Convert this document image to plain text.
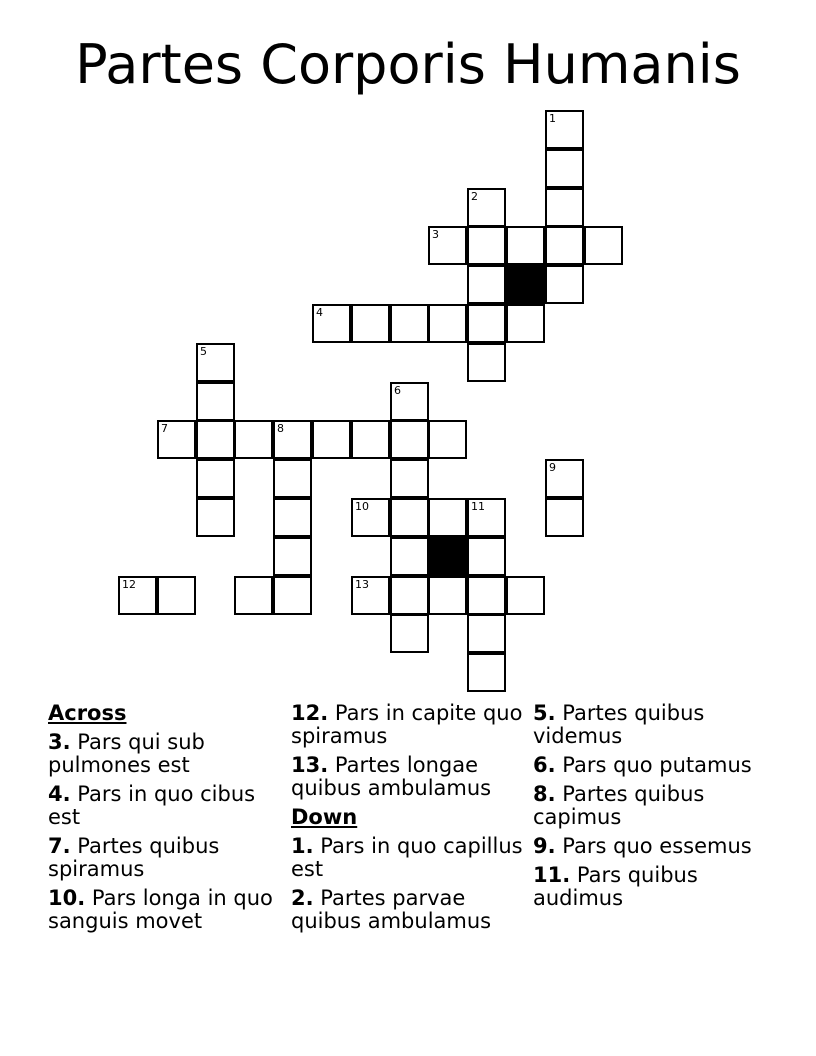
Partes Corporis Humanis
1
2
3
4
5
6
7	8
9
10	11
12	13
Across
3. Pars qui sub pulmones est
4. Pars in quo cibus est
7. Partes quibus spiramus
10. Pars longa in quo sanguis movet
12. Pars in capite quo spiramus
13. Partes longae quibus ambulamus
Down
1. Pars in quo capillus est
2. Partes parvae quibus ambulamus
5. Partes quibus videmus
6. Pars quo putamus
8. Partes quibus capimus
9. Pars quo essemus
11. Pars quibus audimus
